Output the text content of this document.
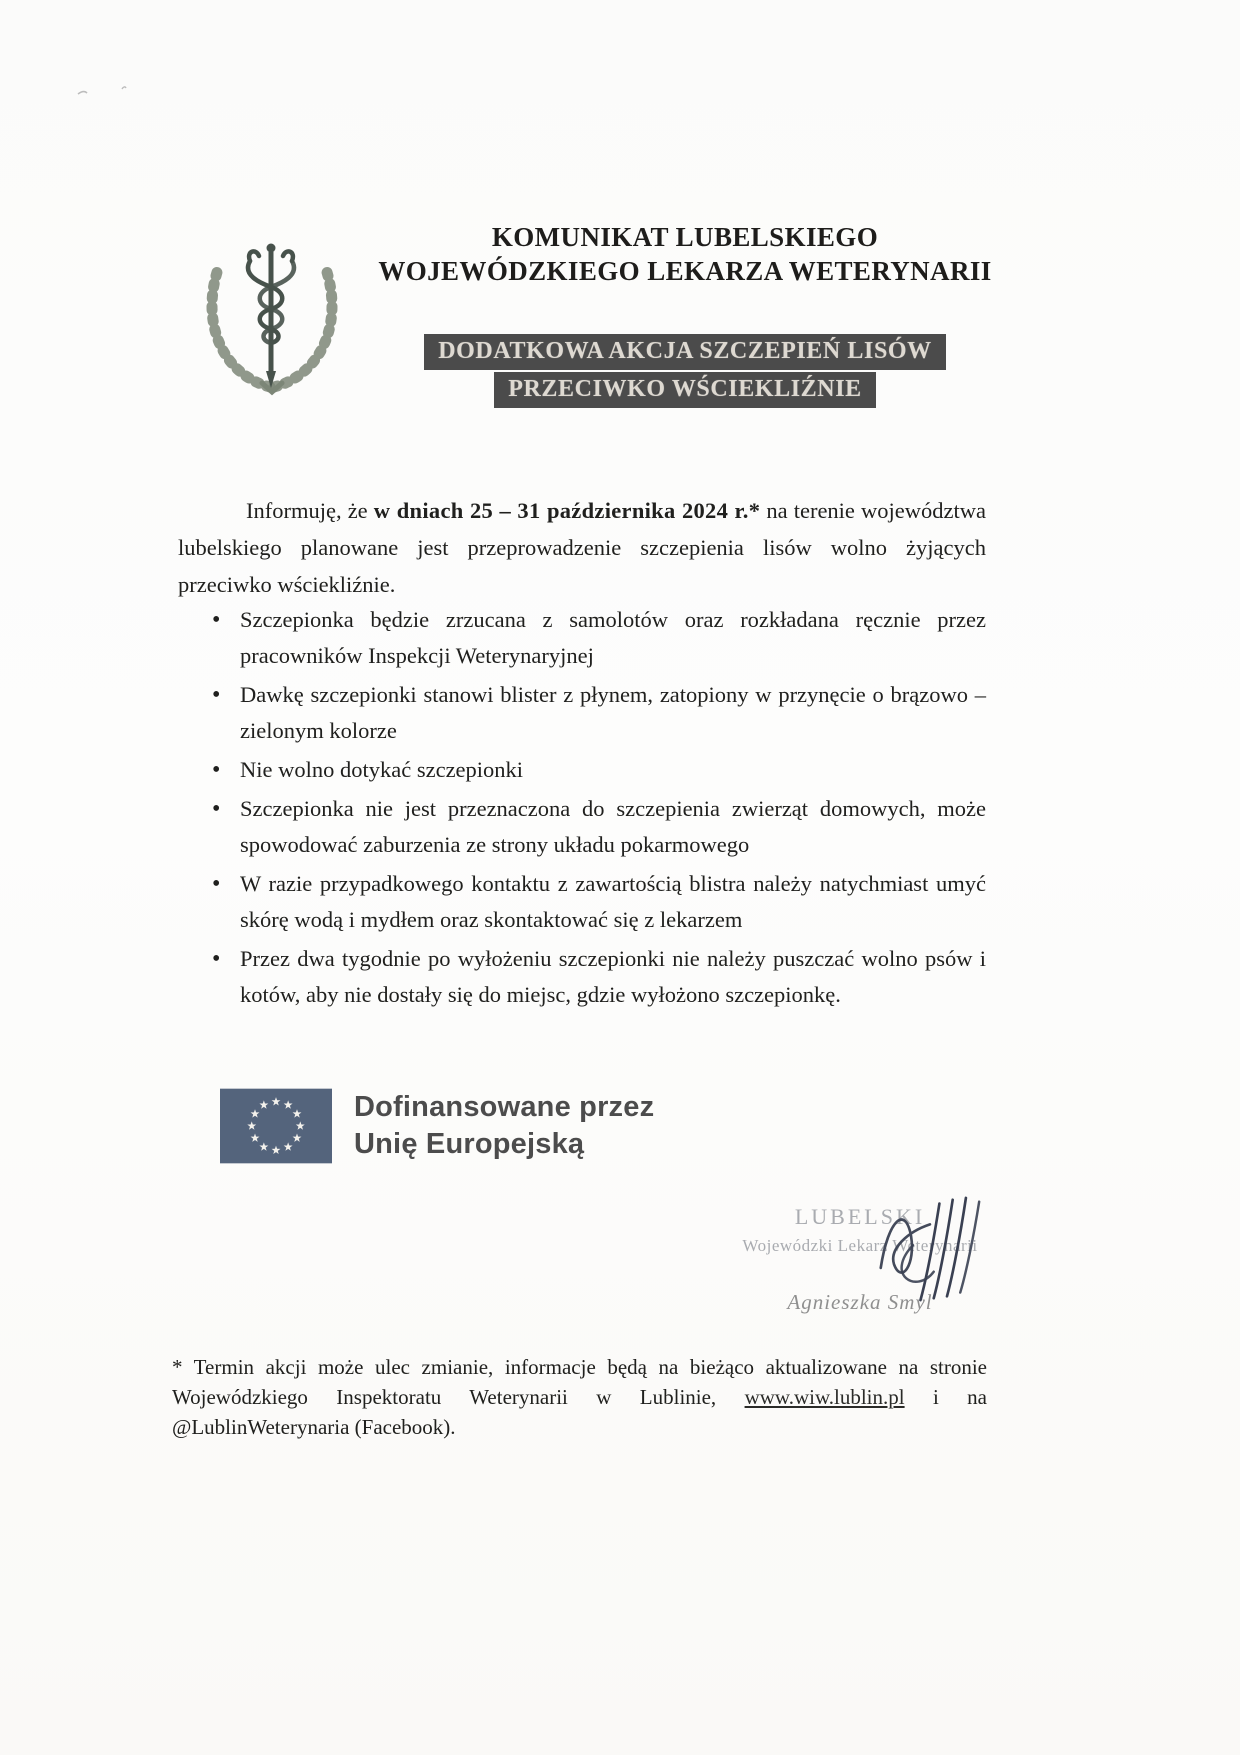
KOMUNIKAT LUBELSKIEGO
WOJEWÓDZKIEGO LEKARZA WETERYNARII
DODATKOWA AKCJA SZCZEPIEŃ LISÓW
PRZECIWKO WŚCIEKLIŹNIE

Informuję, że w dniach 25 – 31 października 2024 r.* na terenie województwa lubelskiego planowane jest przeprowadzenie szczepienia lisów wolno żyjących przeciwko wściekliźnie.

• Szczepionka będzie zrzucana z samolotów oraz rozkładana ręcznie przez pracowników Inspekcji Weterynaryjnej
• Dawkę szczepionki stanowi blister z płynem, zatopiony w przynęcie o brązowo – zielonym kolorze
• Nie wolno dotykać szczepionki
• Szczepionka nie jest przeznaczona do szczepienia zwierząt domowych, może spowodować zaburzenia ze strony układu pokarmowego
• W razie przypadkowego kontaktu z zawartością blistra należy natychmiast umyć skórę wodą i mydłem oraz skontaktować się z lekarzem
• Przez dwa tygodnie po wyłożeniu szczepionki nie należy puszczać wolno psów i kotów, aby nie dostały się do miejsc, gdzie wyłożono szczepionkę.
Dofinansowane przez
Unię Europejską
LUBELSKI
Wojewódzki Lekarz Weterynarii
Agnieszka Smyl

* Termin akcji może ulec zmianie, informacje będą na bieżąco aktualizowane na stronie Wojewódzkiego Inspektoratu Weterynarii w Lublinie, www.wiw.lublin.pl i na @LublinWeterynaria (Facebook).
